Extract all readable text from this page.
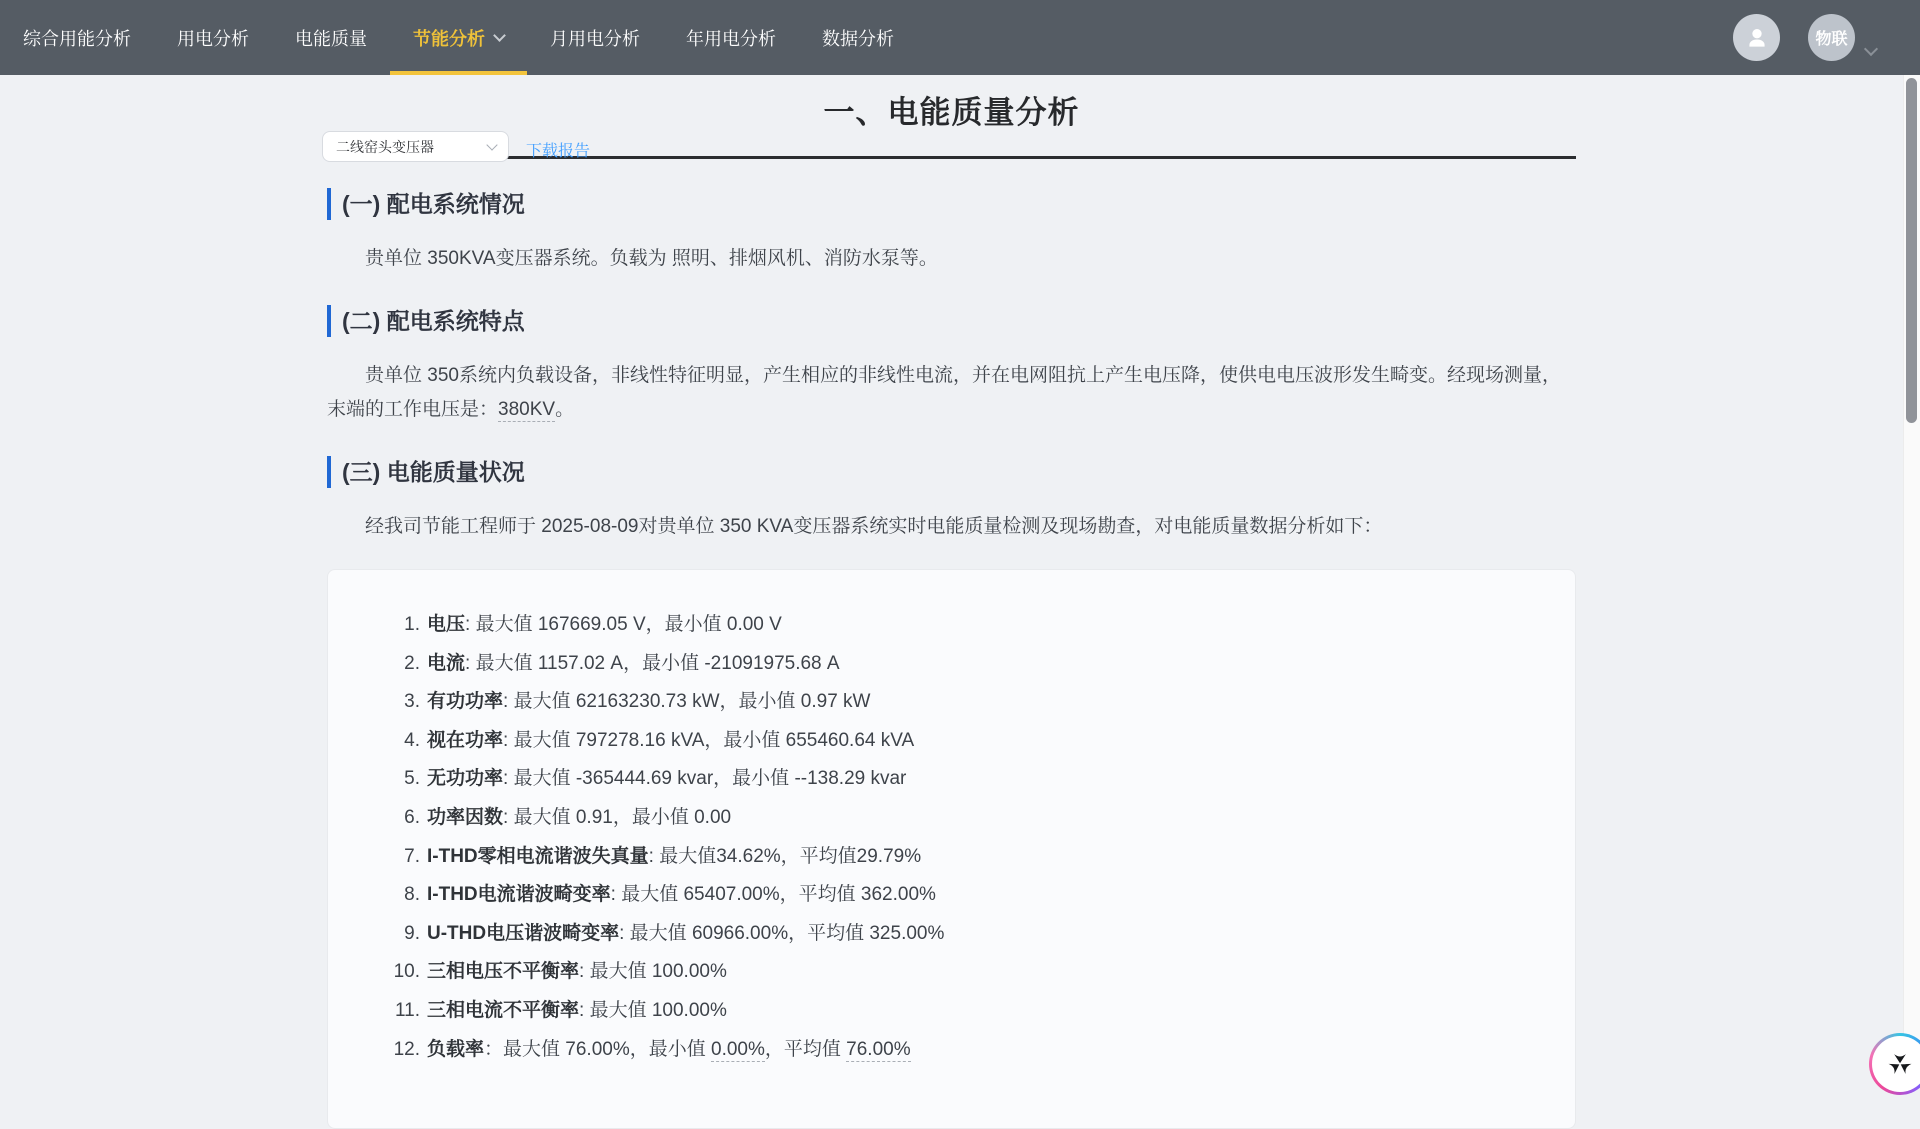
综合用能分析	用电分析	电能质量	节能分析	月用电分析	年用电分析	数据分析	物联
一、电能质量分析
二线窑头变压器	下载报告
(一) 配电系统情况

贵单位 350KVA变压器系统。负载为 照明、排烟风机、消防水泵等。

(二) 配电系统特点

贵单位 350系统内负载设备，非线性特征明显，产生相应的非线性电流，并在电网阻抗上产生电压降，使供电电压波形发生畸变。经现场测量，末端的工作电压是：380KV。

(三) 电能质量状况

经我司节能工程师于 2025-08-09对贵单位 350 KVA变压器系统实时电能质量检测及现场勘查，对电能质量数据分析如下：

电压: 最大值 167669.05 V，最小值 0.00 V
电流: 最大值 1157.02 A，最小值 -21091975.68 A
有功功率: 最大值 62163230.73 kW，最小值 0.97 kW
视在功率: 最大值 797278.16 kVA，最小值 655460.64 kVA
无功功率: 最大值 -365444.69 kvar，最小值 --138.29 kvar
功率因数: 最大值 0.91，最小值 0.00
I-THD零相电流谐波失真量: 最大值34.62%，平均值29.79%
I-THD电流谐波畸变率: 最大值 65407.00%，平均值 362.00%
U-THD电压谐波畸变率: 最大值 60966.00%，平均值 325.00%
三相电压不平衡率: 最大值 100.00%
三相电流不平衡率: 最大值 100.00%
负载率：最大值 76.00%，最小值 0.00%，平均值 76.00%
